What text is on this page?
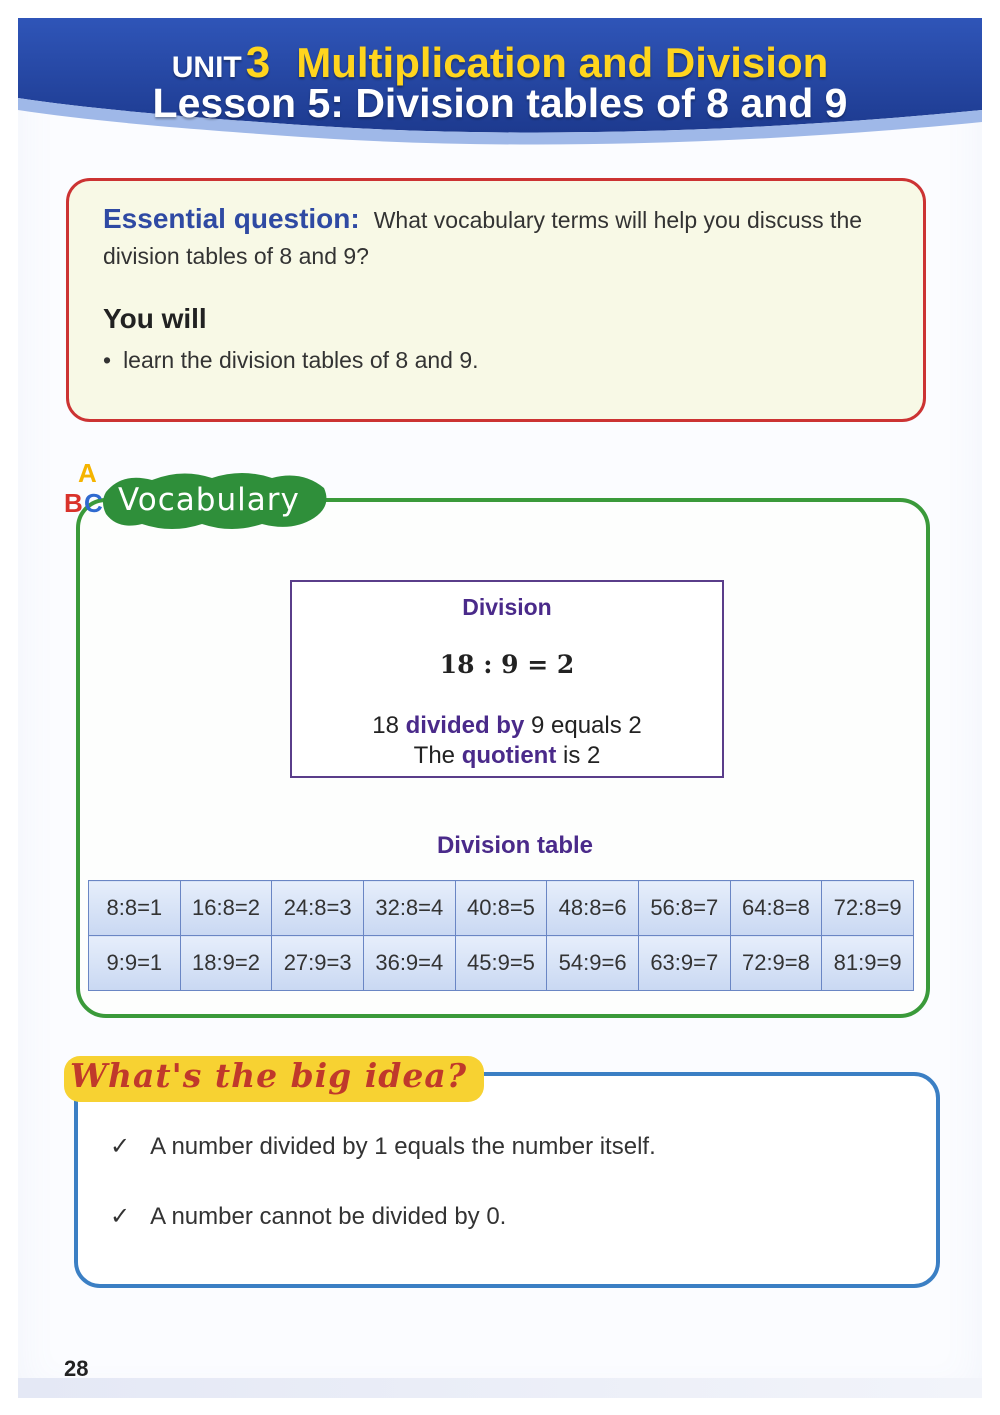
UNIT3 Multiplication and Division
Lesson 5: Division tables of 8 and 9
Essential question: What vocabulary terms will help you discuss the division tables of 8 and 9?
You will
• learn the division tables of 8 and 9.
A
B C Vocabulary
Division
18 : 9 = 2
18 divided by 9 equals 2
The quotient is 2
Division table
8:8=1	16:8=2	24:8=3	32:8=4	40:8=5	48:8=6	56:8=7	64:8=8	72:8=9
9:9=1	18:9=2	27:9=3	36:9=4	45:9=5	54:9=6	63:9=7	72:9=8	81:9=9
What's the big idea?
✓ A number divided by 1 equals the number itself.
✓ A number cannot be divided by 0.
28
